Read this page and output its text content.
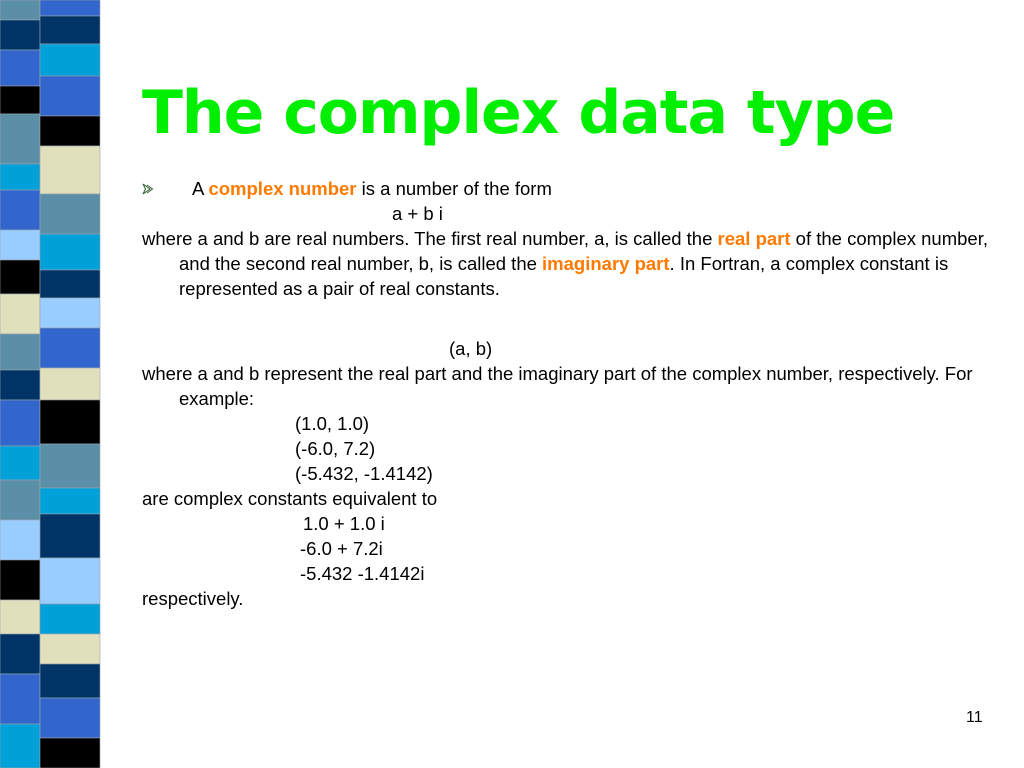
The complex data type

A complex number is a number of the form

a + b i

where a and b are real numbers. The first real number, a, is called the real part of the complex number, and the second real number, b, is called the imaginary part. In Fortran, a complex constant is represented as a pair of real constants.

(a, b)

where a and b represent the real part and the imaginary part of the complex number, respectively. For example:

(1.0, 1.0)

(-6.0, 7.2)

(-5.432, -1.4142)

are complex constants equivalent to

1.0 + 1.0 i

-6.0 + 7.2i

-5.432 -1.4142i

respectively.

11
